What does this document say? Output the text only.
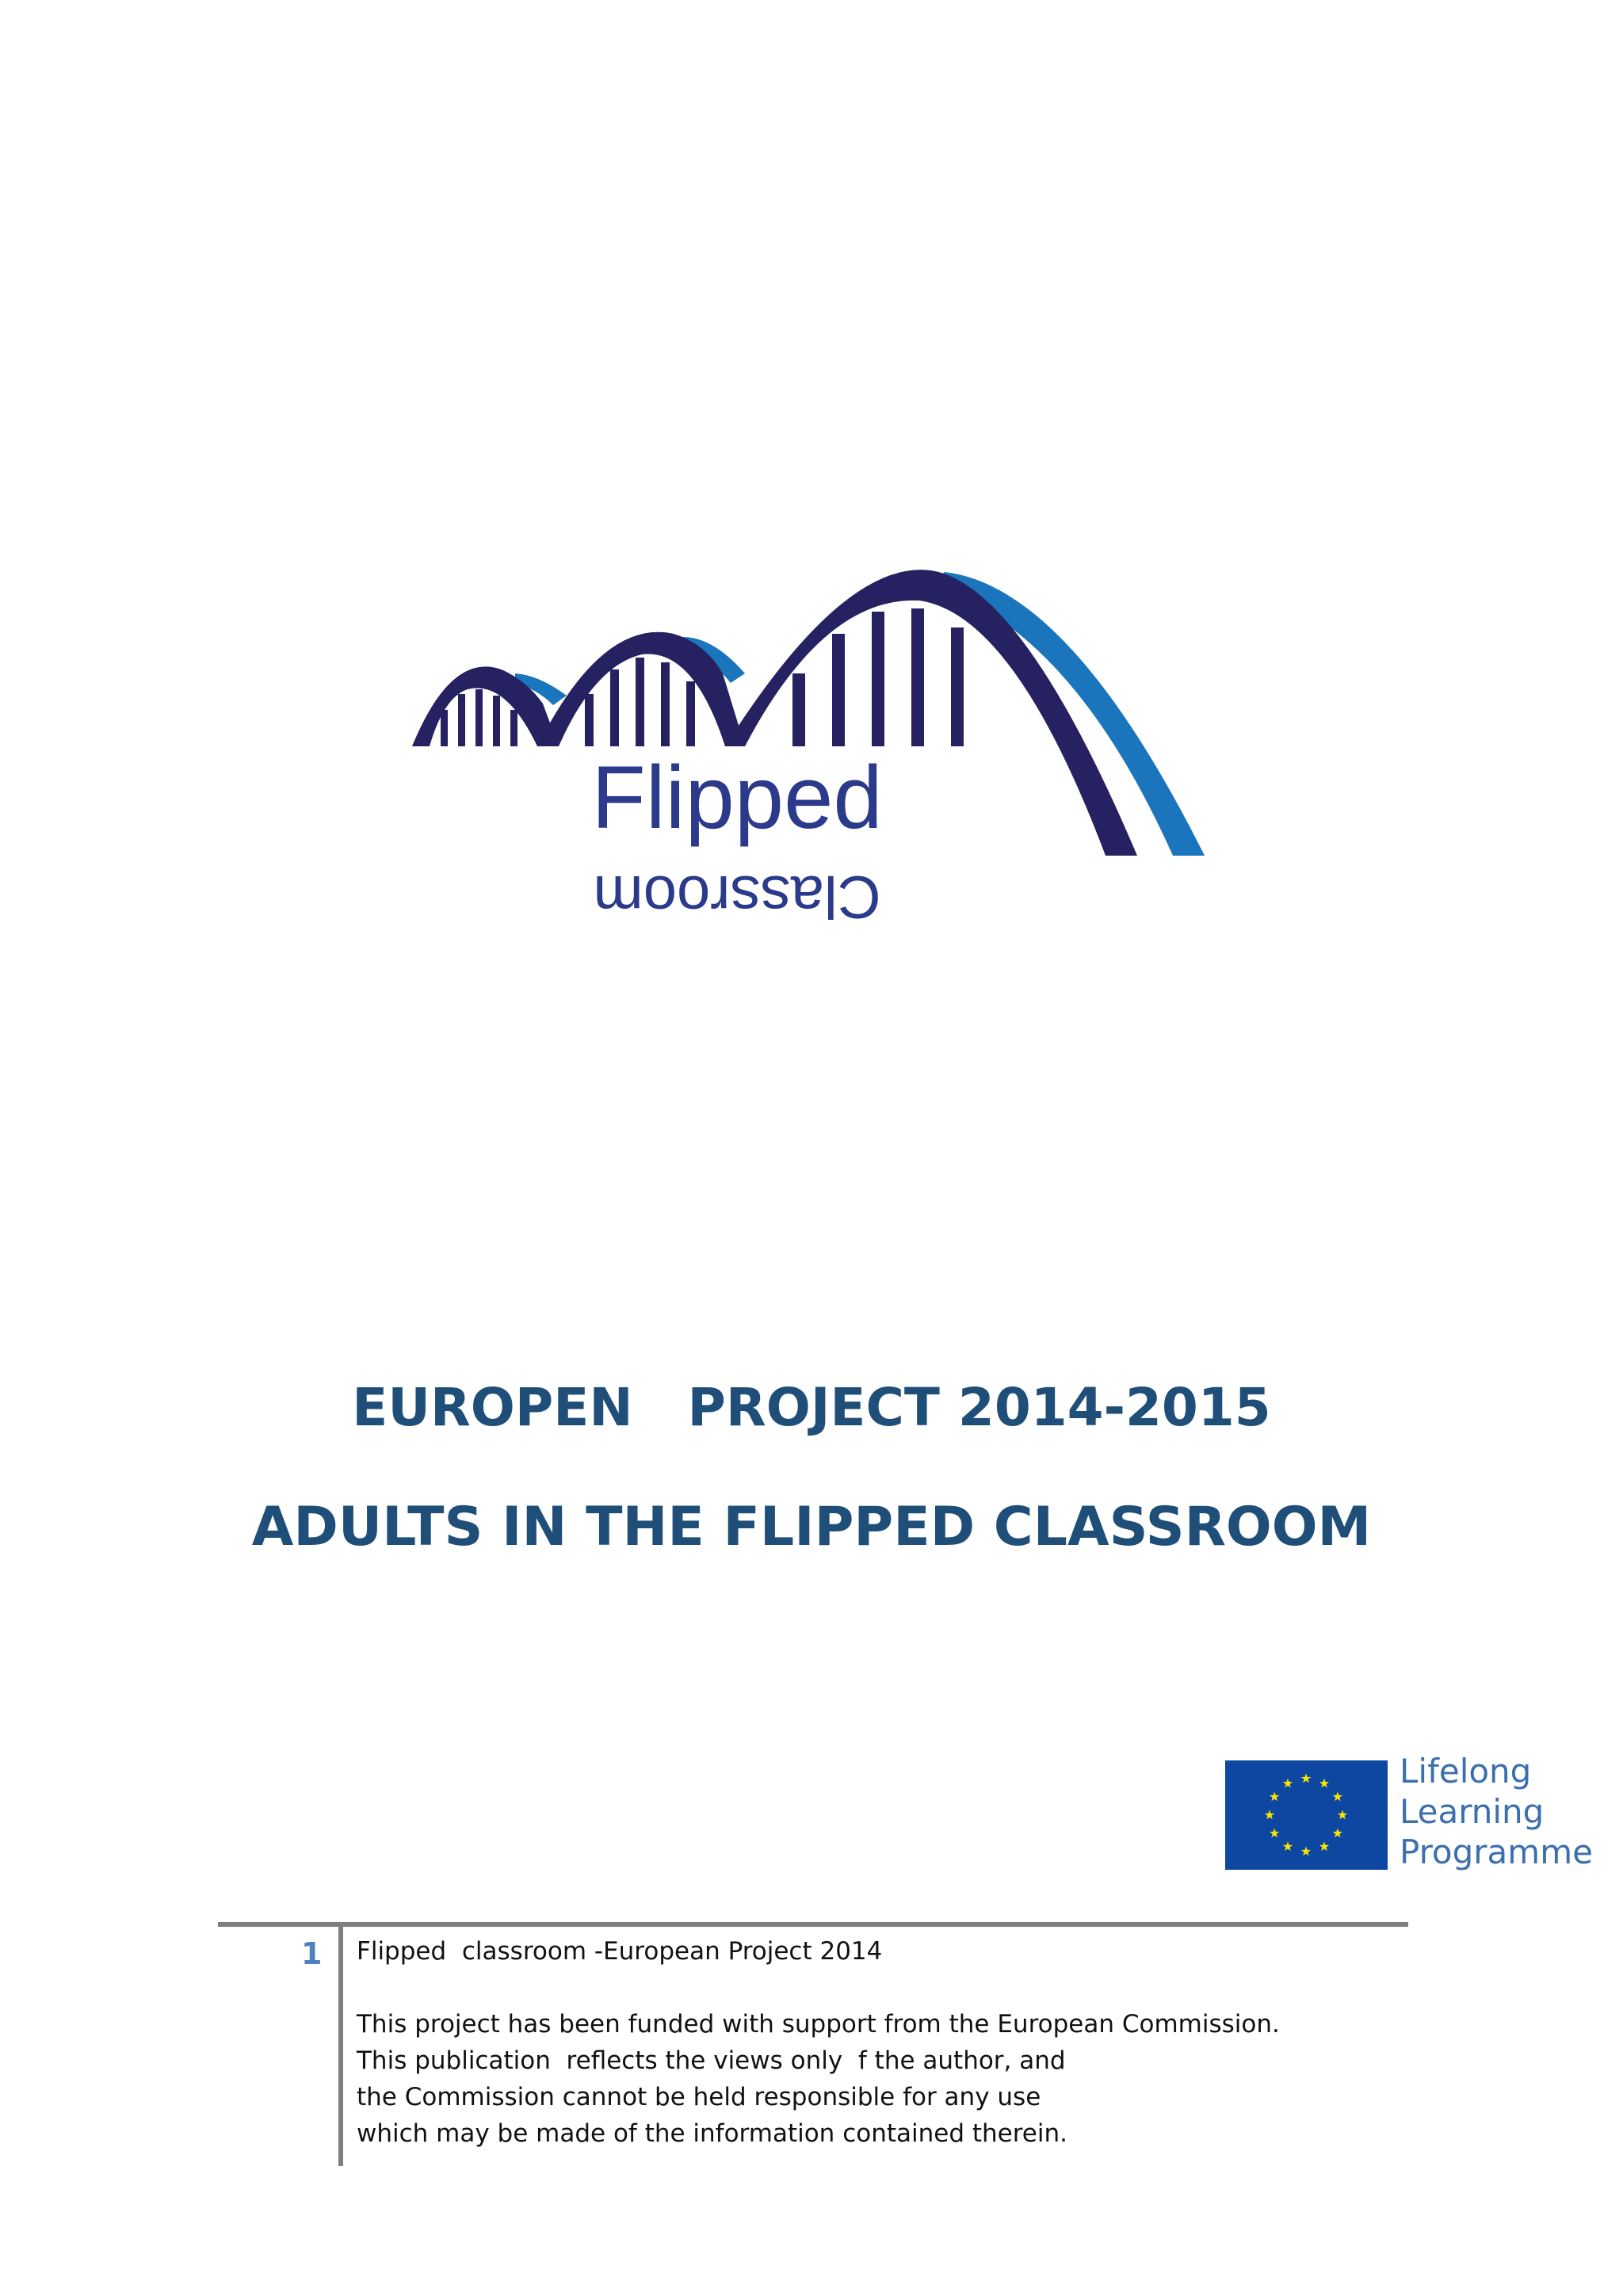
Flipped
Classroom
EUROPEN   PROJECT 2014-2015
ADULTS IN THE FLIPPED CLASSROOM
Lifelong
Learning
Programme
1 Flipped  classroom -European Project 2014
This project has been funded with support from the European Commission.
This publication  reflects the views only  f the author, and
the Commission cannot be held responsible for any use
which may be made of the information contained therein.
